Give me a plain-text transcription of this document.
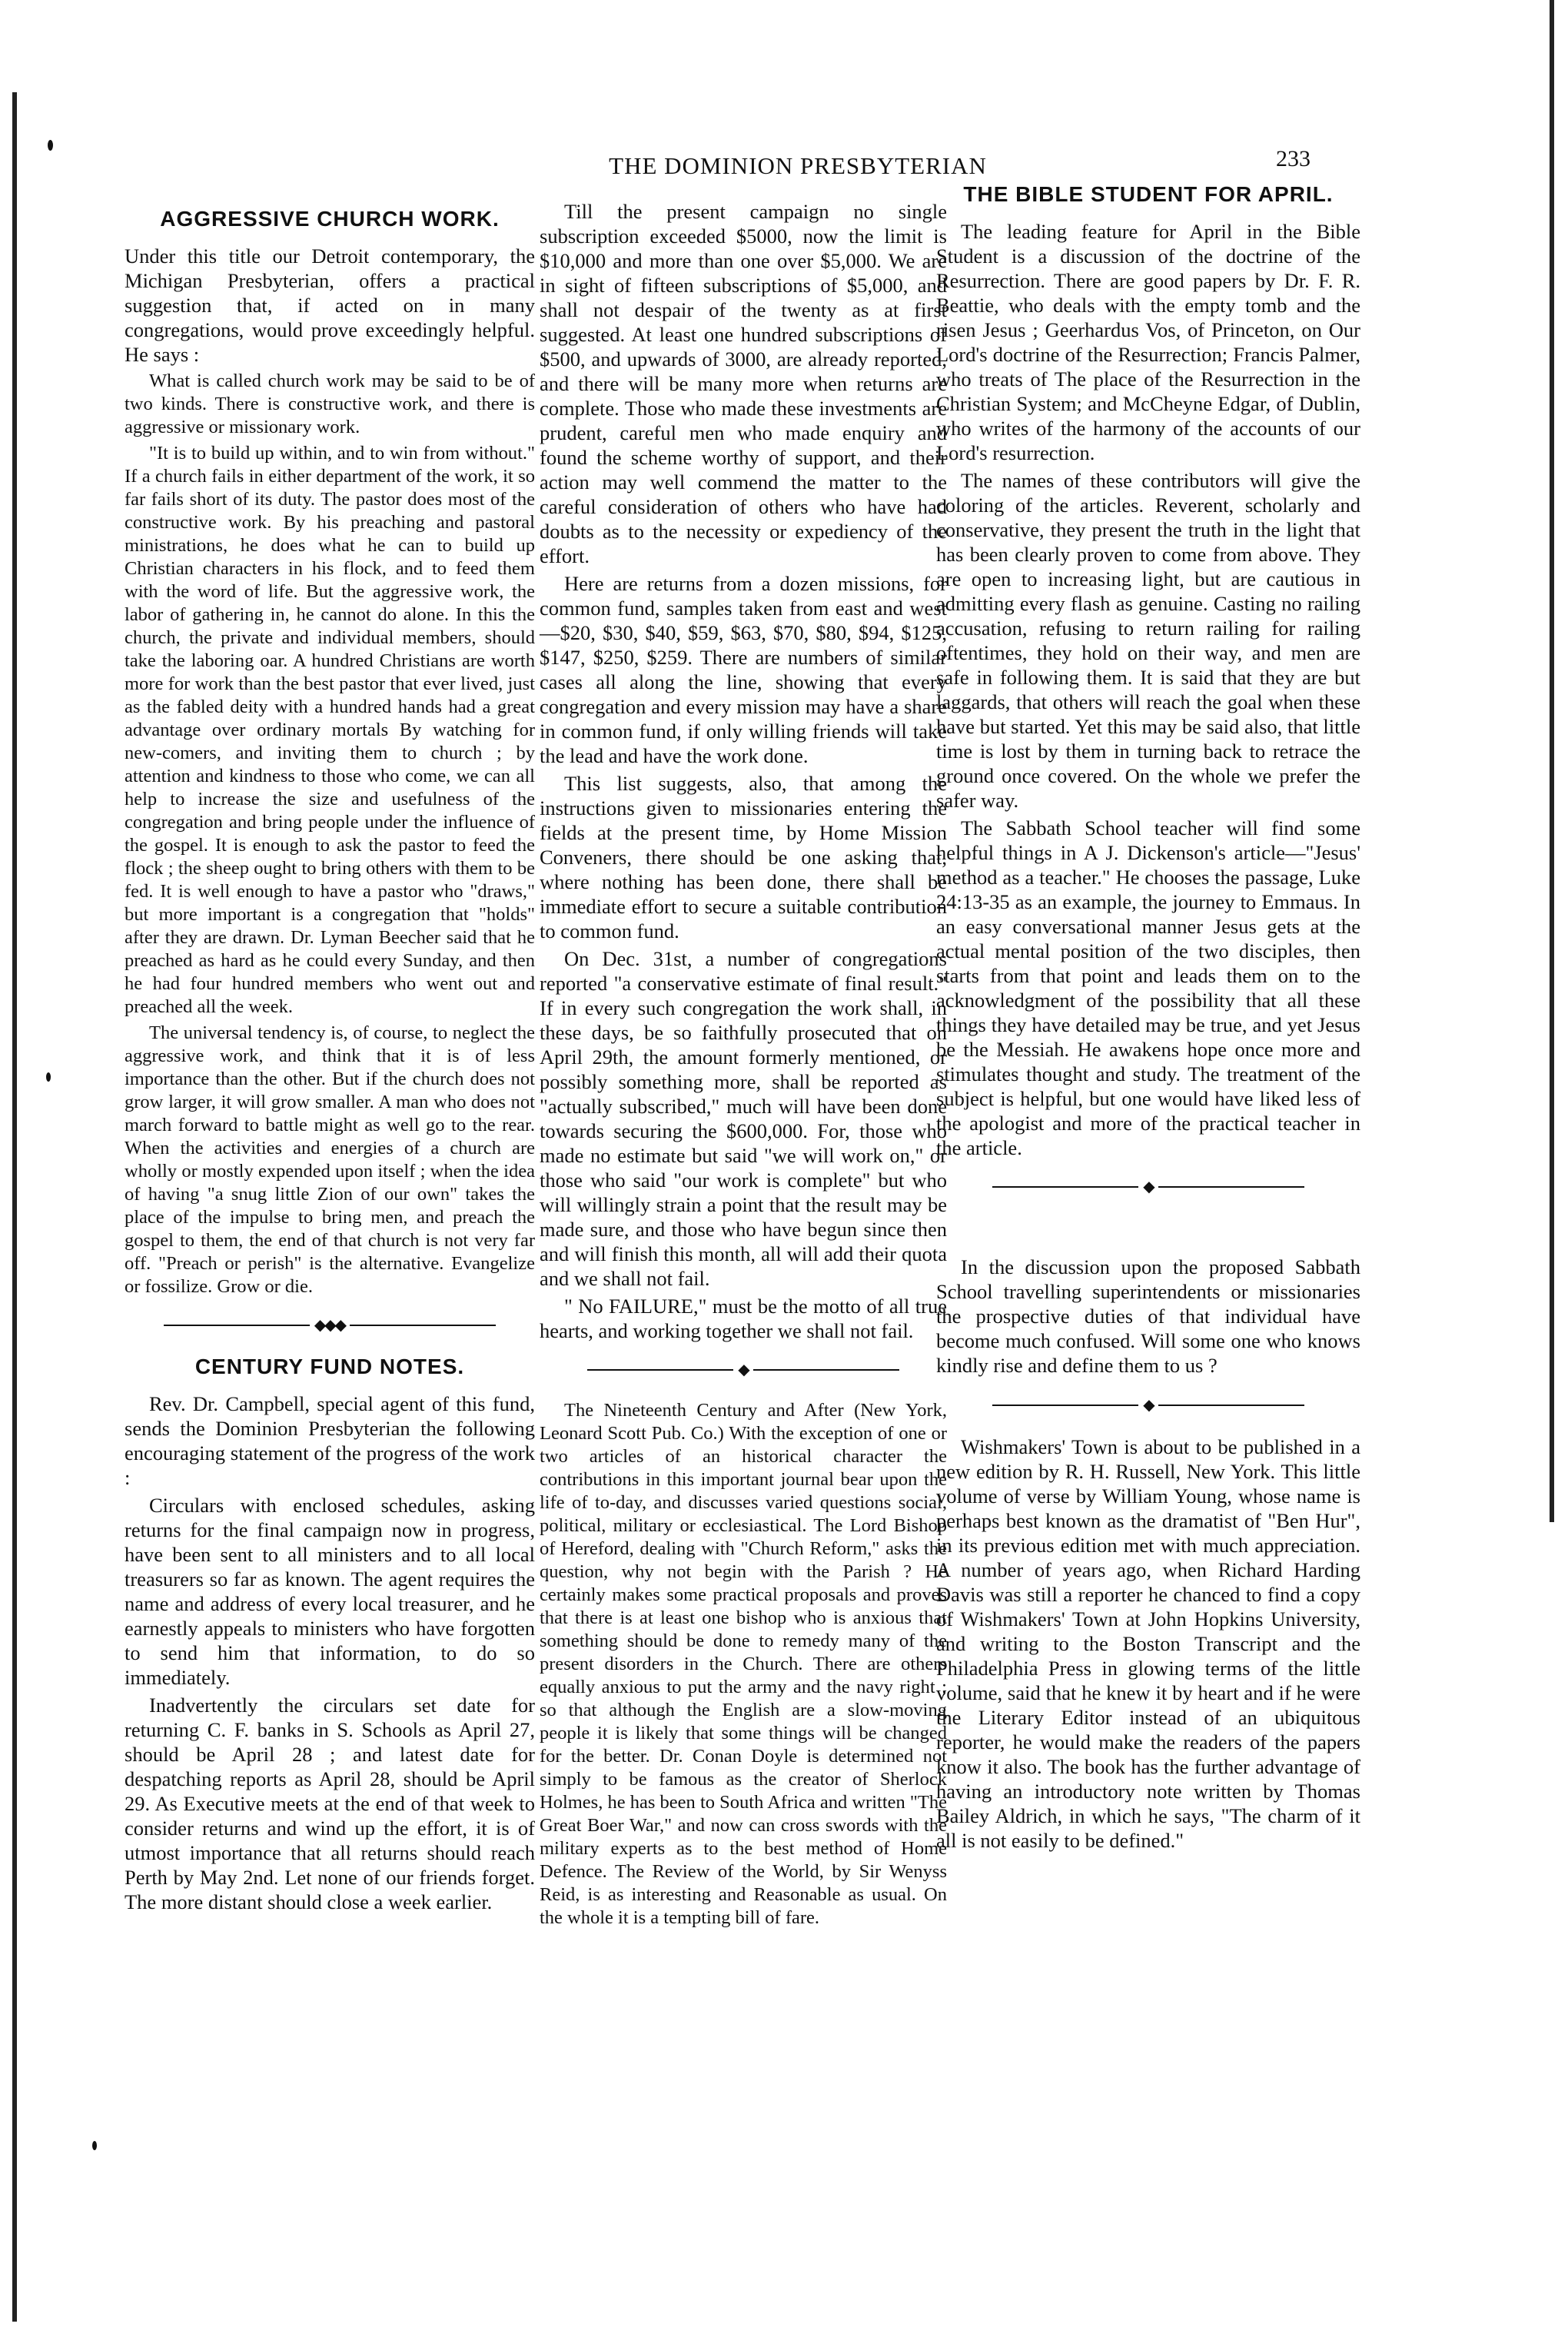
THE DOMINION PRESBYTERIAN	233
AGGRESSIVE CHURCH WORK.

Under this title our Detroit contemporary, the Michigan Presbyterian, offers a practical suggestion that, if acted on in many congregations, would prove exceedingly helpful. He says :

What is called church work may be said to be of two kinds. There is constructive work, and there is aggressive or missionary work.

"It is to build up within, and to win from without." If a church fails in either department of the work, it so far fails short of its duty. The pastor does most of the constructive work. By his preaching and pastoral ministrations, he does what he can to build up Christian characters in his flock, and to feed them with the word of life. But the aggressive work, the labor of gathering in, he cannot do alone. In this the church, the private and individual members, should take the laboring oar. A hundred Christians are worth more for work than the best pastor that ever lived, just as the fabled deity with a hundred hands had a great advantage over ordinary mortals By watching for new-comers, and inviting them to church ; by attention and kindness to those who come, we can all help to increase the size and usefulness of the congregation and bring people under the influence of the gospel. It is enough to ask the pastor to feed the flock ; the sheep ought to bring others with them to be fed. It is well enough to have a pastor who "draws," but more important is a congregation that "holds" after they are drawn. Dr. Lyman Beecher said that he preached as hard as he could every Sunday, and then he had four hundred members who went out and preached all the week.

The universal tendency is, of course, to neglect the aggressive work, and think that it is of less importance than the other. But if the church does not grow larger, it will grow smaller. A man who does not march forward to battle might as well go to the rear. When the activities and energies of a church are wholly or mostly expended upon itself ; when the idea of having "a snug little Zion of our own" takes the place of the impulse to bring men, and preach the gospel to them, the end of that church is not very far off. "Preach or perish" is the alternative. Evangelize or fossilize. Grow or die.

◆◆◆
CENTURY FUND NOTES.

Rev. Dr. Campbell, special agent of this fund, sends the Dominion Presbyterian the following encouraging statement of the progress of the work :

Circulars with enclosed schedules, asking returns for the final campaign now in progress, have been sent to all ministers and to all local treasurers so far as known. The agent requires the name and address of every local treasurer, and he earnestly appeals to ministers who have forgotten to send him that information, to do so immediately.

Inadvertently the circulars set date for returning C. F. banks in S. Schools as April 27, should be April 28 ; and latest date for despatching reports as April 28, should be April 29. As Executive meets at the end of that week to consider returns and wind up the effort, it is of utmost importance that all returns should reach Perth by May 2nd. Let none of our friends forget. The more distant should close a week earlier.

Till the present campaign no single subscription exceeded $5000, now the limit is $10,000 and more than one over $5,000. We are in sight of fifteen subscriptions of $5,000, and shall not despair of the twenty as at first suggested. At least one hundred subscriptions of $500, and upwards of 3000, are already reported, and there will be many more when returns are complete. Those who made these investments are prudent, careful men who made enquiry and found the scheme worthy of support, and their action may well commend the matter to the careful consideration of others who have had doubts as to the necessity or expediency of the effort.

Here are returns from a dozen missions, for common fund, samples taken from east and west—$20, $30, $40, $59, $63, $70, $80, $94, $125, $147, $250, $259. There are numbers of similar cases all along the line, showing that every congregation and every mission may have a share in common fund, if only willing friends will take the lead and have the work done.

This list suggests, also, that among the instructions given to missionaries entering the fields at the present time, by Home Mission Conveners, there should be one asking that, where nothing has been done, there shall be immediate effort to secure a suitable contribution to common fund.

On Dec. 31st, a number of congregations reported "a conservative estimate of final result." If in every such congregation the work shall, in these days, be so faithfully prosecuted that on April 29th, the amount formerly mentioned, or possibly something more, shall be reported as "actually subscribed," much will have been done towards securing the $600,000. For, those who made no estimate but said "we will work on," or those who said "our work is complete" but who will willingly strain a point that the result may be made sure, and those who have begun since then and will finish this month, all will add their quota and we shall not fail.

" No FAILURE," must be the motto of all true hearts, and working together we shall not fail.

◆

The Nineteenth Century and After (New York, Leonard Scott Pub. Co.) With the exception of one or two articles of an historical character the contributions in this important journal bear upon the life of to-day, and discusses varied questions social, political, military or ecclesiastical. The Lord Bishop of Hereford, dealing with "Church Reform," asks the question, why not begin with the Parish ? He certainly makes some practical proposals and proves that there is at least one bishop who is anxious that something should be done to remedy many of the present disorders in the Church. There are others equally anxious to put the army and the navy right ; so that although the English are a slow-moving people it is likely that some things will be changed for the better. Dr. Conan Doyle is determined not simply to be famous as the creator of Sherlock Holmes, he has been to South Africa and written "The Great Boer War," and now can cross swords with the military experts as to the best method of Home Defence. The Review of the World, by Sir Wenyss Reid, is as interesting and Reasonable as usual. On the whole it is a tempting bill of fare.

THE BIBLE STUDENT FOR APRIL.

The leading feature for April in the Bible Student is a discussion of the doctrine of the Resurrection. There are good papers by Dr. F. R. Beattie, who deals with the empty tomb and the risen Jesus ; Geerhardus Vos, of Princeton, on Our Lord's doctrine of the Resurrection; Francis Palmer, who treats of The place of the Resurrection in the Christian System; and McCheyne Edgar, of Dublin, who writes of the harmony of the accounts of our Lord's resurrection.

The names of these contributors will give the coloring of the articles. Reverent, scholarly and conservative, they present the truth in the light that has been clearly proven to come from above. They are open to increasing light, but are cautious in admitting every flash as genuine. Casting no railing accusation, refusing to return railing for railing oftentimes, they hold on their way, and men are safe in following them. It is said that they are but laggards, that others will reach the goal when these have but started. Yet this may be said also, that little time is lost by them in turning back to retrace the ground once covered. On the whole we prefer the safer way.

The Sabbath School teacher will find some helpful things in A J. Dickenson's article—"Jesus' method as a teacher." He chooses the passage, Luke 24:13-35 as an example, the journey to Emmaus. In an easy conversational manner Jesus gets at the actual mental position of the two disciples, then starts from that point and leads them on to the acknowledgment of the possibility that all these things they have detailed may be true, and yet Jesus be the Messiah. He awakens hope once more and stimulates thought and study. The treatment of the subject is helpful, but one would have liked less of the apologist and more of the practical teacher in the article.

◆

In the discussion upon the proposed Sabbath School travelling superintendents or missionaries the prospective duties of that individual have become much confused. Will some one who knows kindly rise and define them to us ?

◆

Wishmakers' Town is about to be published in a new edition by R. H. Russell, New York. This little volume of verse by William Young, whose name is perhaps best known as the dramatist of "Ben Hur", in its previous edition met with much appreciation. A number of years ago, when Richard Harding Davis was still a reporter he chanced to find a copy of Wishmakers' Town at John Hopkins University, and writing to the Boston Transcript and the Philadelphia Press in glowing terms of the little volume, said that he knew it by heart and if he were the Literary Editor instead of an ubiquitous reporter, he would make the readers of the papers know it also. The book has the further advantage of having an introductory note written by Thomas Bailey Aldrich, in which he says, "The charm of it all is not easily to be defined."
